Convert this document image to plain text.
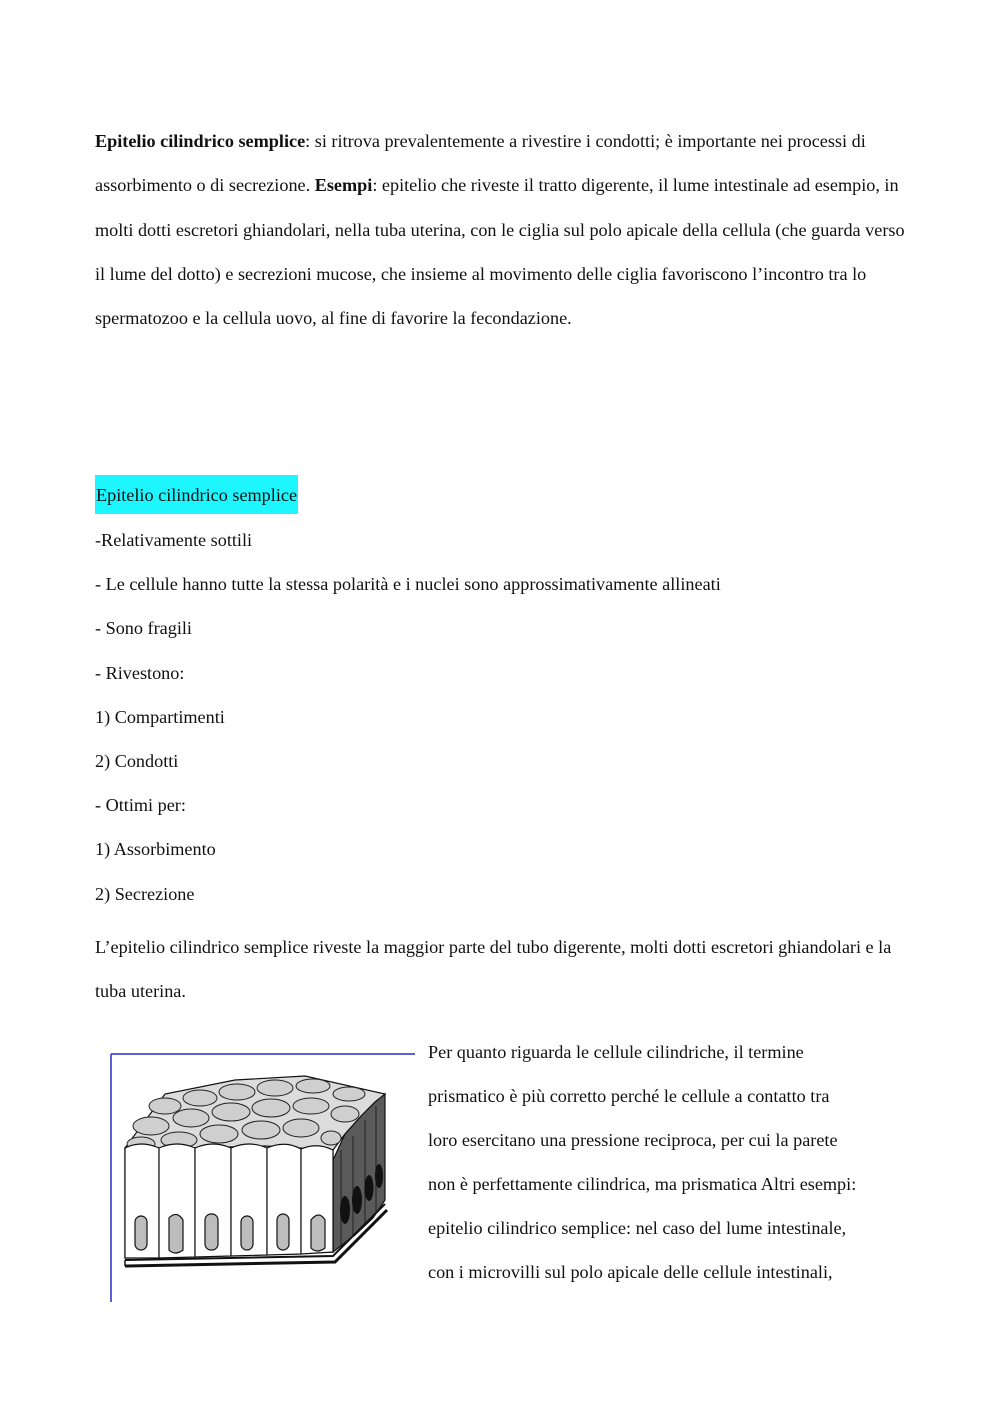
Epitelio cilindrico semplice: si ritrova prevalentemente a rivestire i condotti; è importante nei processi di assorbimento o di secrezione. Esempi: epitelio che riveste il tratto digerente, il lume intestinale ad esempio, in molti dotti escretori ghiandolari, nella tuba uterina, con le ciglia sul polo apicale della cellula (che guarda verso il lume del dotto) e secrezioni mucose, che insieme al movimento delle ciglia favoriscono l’incontro tra lo spermatozoo e la cellula uovo, al fine di favorire la fecondazione.

Epitelio cilindrico semplice
-Relativamente sottili
- Le cellule hanno tutte la stessa polarità e i nuclei sono approssimativamente allineati
- Sono fragili
- Rivestono:
1) Compartimenti
2) Condotti
- Ottimi per:
1) Assorbimento
2) Secrezione

L’epitelio cilindrico semplice riveste la maggior parte del tubo digerente, molti dotti escretori ghiandolari e la tuba uterina.

Per quanto riguarda le cellule cilindriche, il termine
prismatico è più corretto perché le cellule a contatto tra
loro esercitano una pressione reciproca, per cui la parete
non è perfettamente cilindrica, ma prismatica Altri esempi:
epitelio cilindrico semplice: nel caso del lume intestinale,
con i microvilli sul polo apicale delle cellule intestinali,
